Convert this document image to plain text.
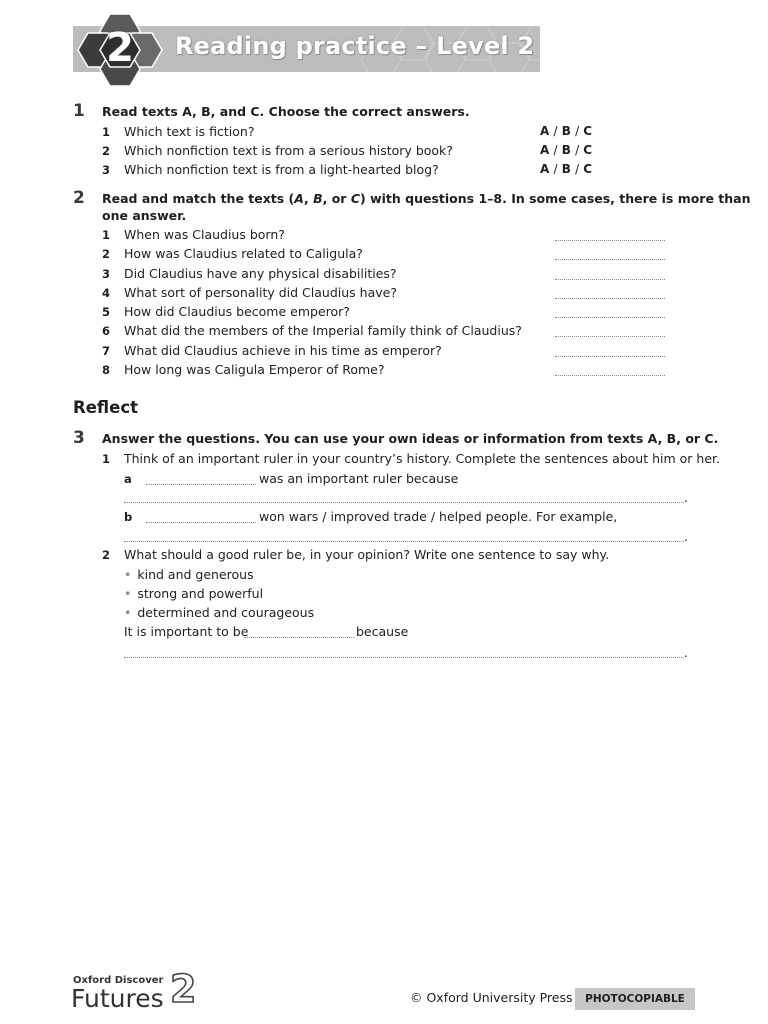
Reading practice – Level 2
2
1 Read texts A, B, and C. Choose the correct answers.
1 Which text is fiction?	A / B / C
2 Which nonfiction text is from a serious history book?	A / B / C
3 Which nonfiction text is from a light-hearted blog?	A / B / C
2 Read and match the texts (A, B, or C) with questions 1–8. In some cases, there is more than
one answer.
1 When was Claudius born?
2 How was Claudius related to Caligula?
3 Did Claudius have any physical disabilities?
4 What sort of personality did Claudius have?
5 How did Claudius become emperor?
6 What did the members of the Imperial family think of Claudius?
7 What did Claudius achieve in his time as emperor?
8 How long was Caligula Emperor of Rome?
Reflect
3 Answer the questions. You can use your own ideas or information from texts A, B, or C.
1 Think of an important ruler in your country’s history. Complete the sentences about him or her.
a	was an important ruler because
.
b	won wars / improved trade / helped people. For example,
.
2 What should a good ruler be, in your opinion? Write one sentence to say why.
• kind and generous
• strong and powerful
• determined and courageous
It is important to be	because
.
Oxford Discover
Futures 2	© Oxford University Press	PHOTOCOPIABLE
